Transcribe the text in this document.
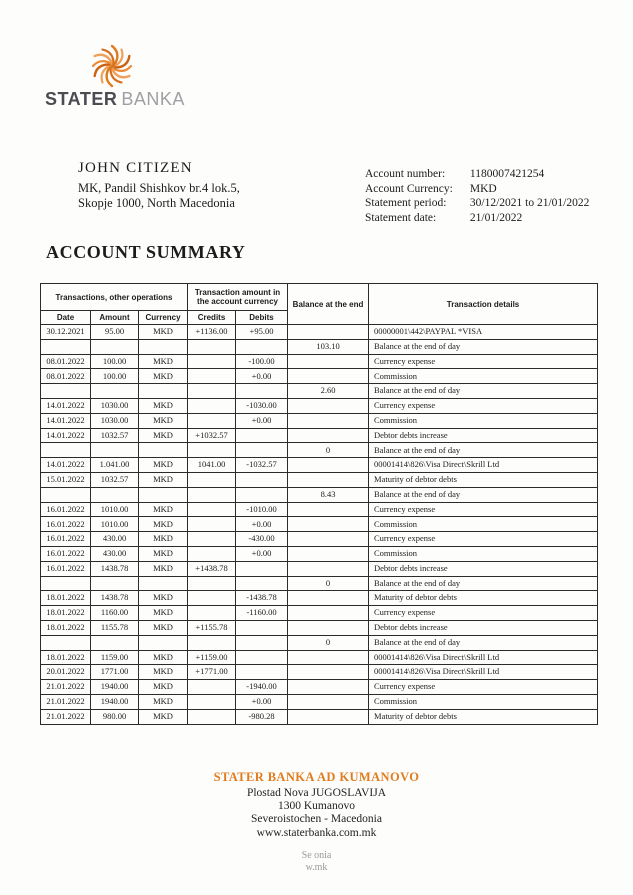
STATER BANKA
JOHN CITIZEN
MK, Pandil Shishkov br.4 lok.5,
Skopje 1000, North Macedonia
Account number: 1180007421254
Account Currency: MKD
Statement period: 30/12/2021 to 21/01/2022
Statement date:	21/01/2022
ACCOUNT SUMMARY
Transactions, other operations			Transaction amount in the account currency		Balance at the end	Transaction details
Date	Amount	Currency	Credits	Debits		
30.12.2021	95.00	MKD	+1136.00	+95.00		00000001\442\PAYPAL *VISA
					103.10	Balance at the end of day
08.01.2022	100.00	MKD		-100.00		Currency expense
08.01.2022	100.00	MKD		+0.00		Commission
					2.60	Balance at the end of day
14.01.2022	1030.00	MKD		-1030.00		Currency expense
14.01.2022	1030.00	MKD		+0.00		Commission
14.01.2022	1032.57	MKD	+1032.57			Debtor debts increase
					0	Balance at the end of day
14.01.2022	1.041.00	MKD	1041.00	-1032.57		00001414\826\Visa Direct\Skrill Ltd
15.01.2022	1032.57	MKD				Maturity of debtor debts
					8.43	Balance at the end of day
16.01.2022	1010.00	MKD		-1010.00		Currency expense
16.01.2022	1010.00	MKD		+0.00		Commission
16.01.2022	430.00	MKD		-430.00		Currency expense
16.01.2022	430.00	MKD		+0.00		Commission
16.01.2022	1438.78	MKD	+1438.78			Debtor debts increase
					0	Balance at the end of day
18.01.2022	1438.78	MKD		-1438.78		Maturity of debtor debts
18.01.2022	1160.00	MKD		-1160.00		Currency expense
18.01.2022	1155.78	MKD	+1155.78			Debtor debts increase
					0	Balance at the end of day
18.01.2022	1159.00	MKD	+1159.00			00001414\826\Visa Direct\Skrill Ltd
20.01.2022	1771.00	MKD	+1771.00			00001414\826\Visa Direct\Skrill Ltd
21.01.2022	1940.00	MKD		-1940.00		Currency expense
21.01.2022	1940.00	MKD		+0.00		Commission
21.01.2022	980.00	MKD		-980.28		Maturity of debtor debts
STATER BANKA AD KUMANOVO
Plostad Nova JUGOSLAVIJA
1300 Kumanovo
Severoistochen - Macedonia
www.staterbanka.com.mk
Se onia
w.mk
